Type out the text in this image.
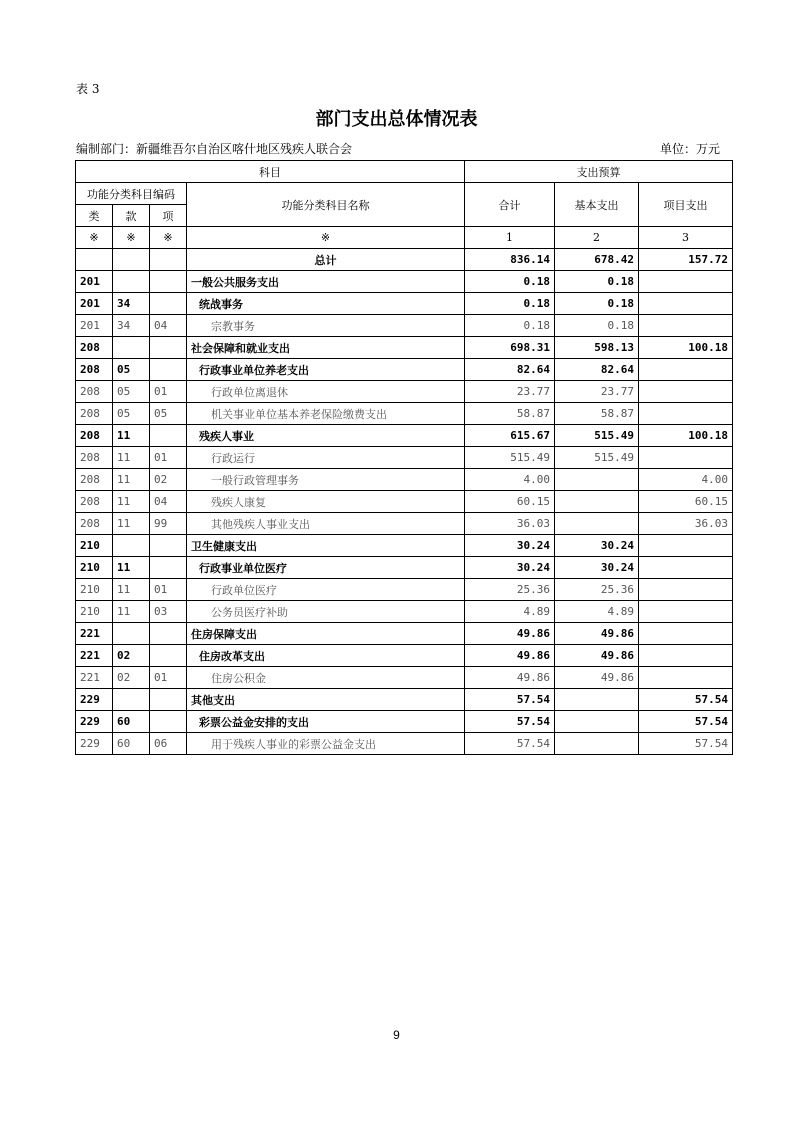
表 3
部门支出总体情况表
编制部门：新疆维吾尔自治区喀什地区残疾人联合会	单位：万元
科目				支出预算		
功能分类科目编码			功能分类科目名称	合计	基本支出	项目支出
类	款	项				
※	※	※	※	1	2	3
			总计	836.14	678.42	157.72
201			一般公共服务支出	0.18	0.18	
201	34		统战事务	0.18	0.18	
201	34	04	宗教事务	0.18	0.18	
208			社会保障和就业支出	698.31	598.13	100.18
208	05		行政事业单位养老支出	82.64	82.64	
208	05	01	行政单位离退休	23.77	23.77	
208	05	05	机关事业单位基本养老保险缴费支出	58.87	58.87	
208	11		残疾人事业	615.67	515.49	100.18
208	11	01	行政运行	515.49	515.49	
208	11	02	一般行政管理事务	4.00		4.00
208	11	04	残疾人康复	60.15		60.15
208	11	99	其他残疾人事业支出	36.03		36.03
210			卫生健康支出	30.24	30.24	
210	11		行政事业单位医疗	30.24	30.24	
210	11	01	行政单位医疗	25.36	25.36	
210	11	03	公务员医疗补助	4.89	4.89	
221			住房保障支出	49.86	49.86	
221	02		住房改革支出	49.86	49.86	
221	02	01	住房公积金	49.86	49.86	
229			其他支出	57.54		57.54
229	60		彩票公益金安排的支出	57.54		57.54
229	60	06	用于残疾人事业的彩票公益金支出	57.54		57.54
9
